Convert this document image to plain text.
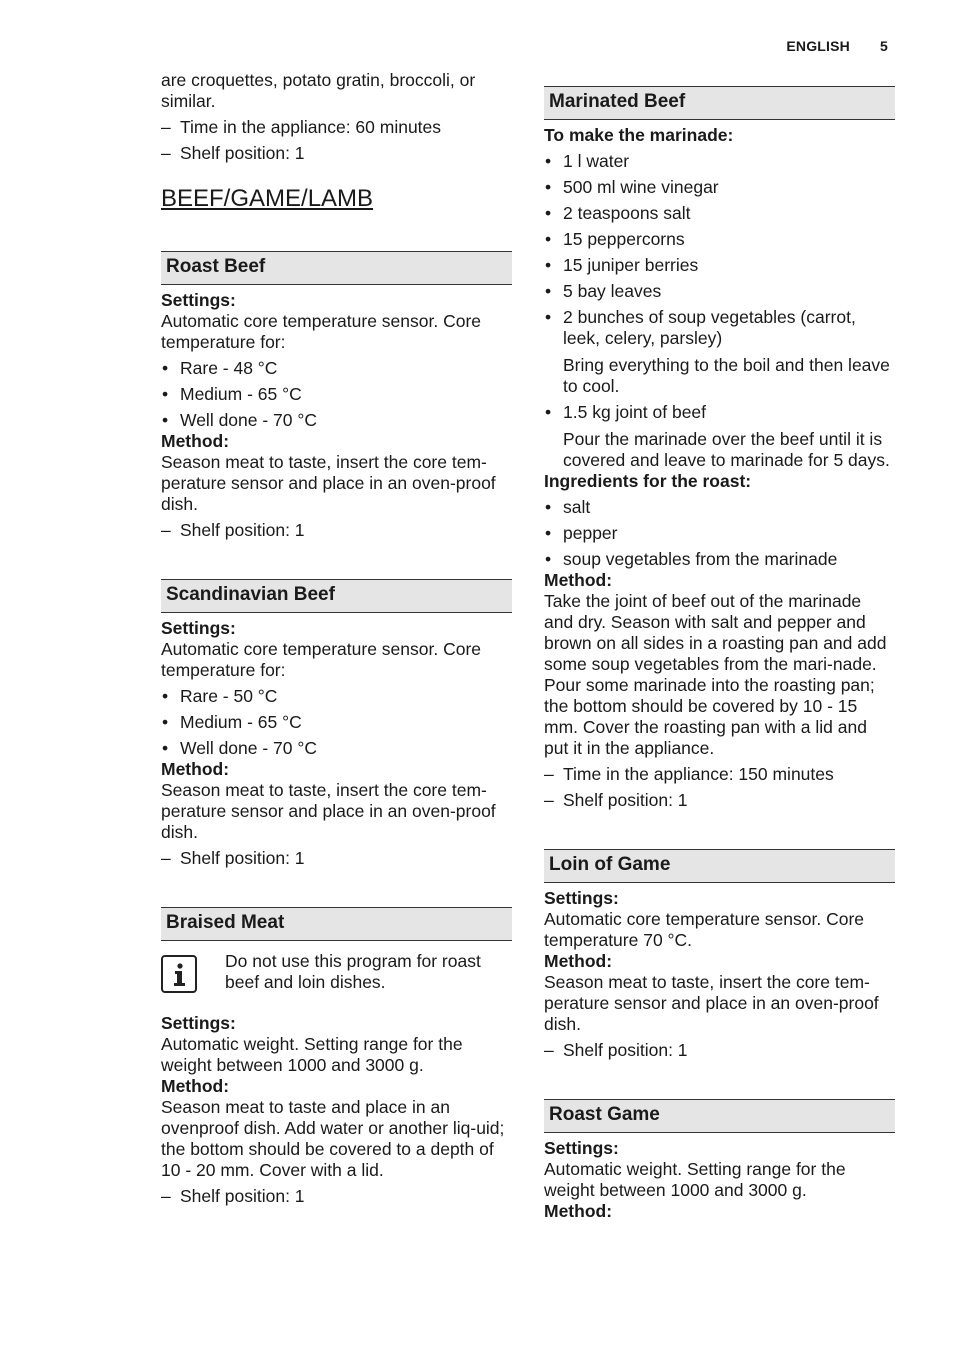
ENGLISH 5

are croquettes, potato gratin, broccoli, or similar.

– Time in the appliance: 60 minutes
– Shelf position: 1
BEEF/GAME/LAMB
Roast Beef

Settings:

Automatic core temperature sensor. Core temperature for:

• Rare - 48 °C
• Medium - 65 °C
• Well done - 70 °C

Method:

Season meat to taste, insert the core tem-perature sensor and place in an oven-proof dish.

– Shelf position: 1
Scandinavian Beef

Settings:

Automatic core temperature sensor. Core temperature for:

• Rare - 50 °C
• Medium - 65 °C
• Well done - 70 °C

Method:

Season meat to taste, insert the core tem-perature sensor and place in an oven-proof dish.

– Shelf position: 1
Braised Meat
Do not use this program for roast beef and loin dishes.

Settings:

Automatic weight. Setting range for the weight between 1000 and 3000 g.

Method:

Season meat to taste and place in an ovenproof dish. Add water or another liq-uid; the bottom should be covered to a depth of 10 - 20 mm. Cover with a lid.

– Shelf position: 1
Marinated Beef

To make the marinade:

• 1 l water
• 500 ml wine vinegar
• 2 teaspoons salt
• 15 peppercorns
• 15 juniper berries
• 5 bay leaves
• 2 bunches of soup vegetables (carrot, leek, celery, parsley)
Bring everything to the boil and then leave to cool.
• 1.5 kg joint of beef
Pour the marinade over the beef until it is covered and leave to marinade for 5 days.

Ingredients for the roast:

• salt
• pepper
• soup vegetables from the marinade

Method:

Take the joint of beef out of the marinade and dry. Season with salt and pepper and brown on all sides in a roasting pan and add some soup vegetables from the mari-nade.

Pour some marinade into the roasting pan; the bottom should be covered by 10 - 15 mm. Cover the roasting pan with a lid and put it in the appliance.

– Time in the appliance: 150 minutes
– Shelf position: 1
Loin of Game

Settings:

Automatic core temperature sensor. Core temperature 70 °C.

Method:

Season meat to taste, insert the core tem-perature sensor and place in an oven-proof dish.

– Shelf position: 1
Roast Game

Settings:

Automatic weight. Setting range for the weight between 1000 and 3000 g.

Method:
